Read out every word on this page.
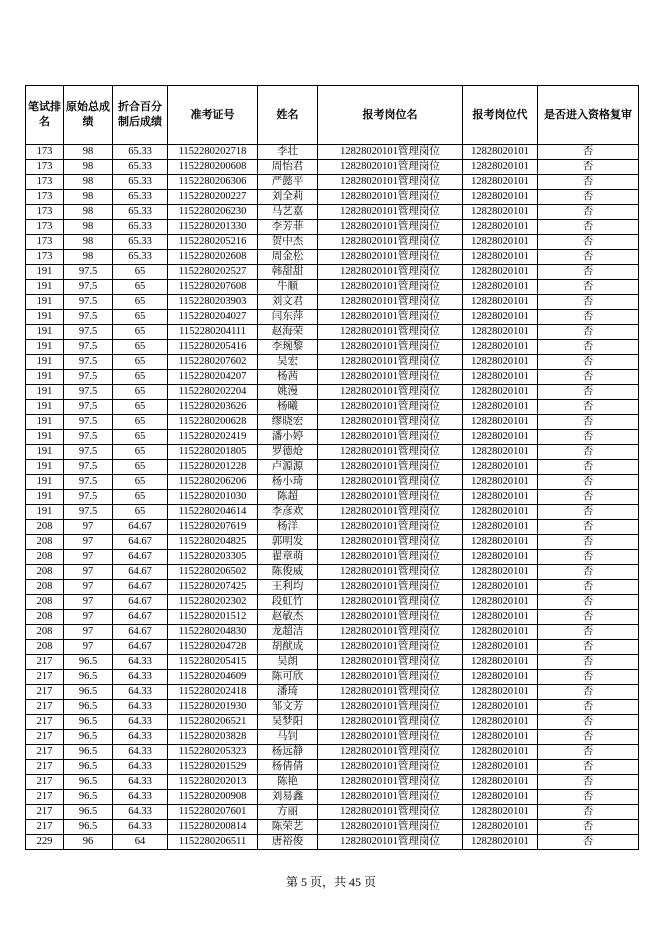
笔试排名	原始总成绩	折合百分制后成绩	准考证号	姓名	报考岗位名	报考岗位代	是否进入资格复审
173	98	65.33	1152280202718	李壮	12828020101管理岗位	12828020101	否
173	98	65.33	1152280200608	周怡君	12828020101管理岗位	12828020101	否
173	98	65.33	1152280206306	严懿平	12828020101管理岗位	12828020101	否
173	98	65.33	1152280200227	刘全莉	12828020101管理岗位	12828020101	否
173	98	65.33	1152280206230	马艺嘉	12828020101管理岗位	12828020101	否
173	98	65.33	1152280201330	李芳菲	12828020101管理岗位	12828020101	否
173	98	65.33	1152280205216	贺中杰	12828020101管理岗位	12828020101	否
173	98	65.33	1152280202608	周金松	12828020101管理岗位	12828020101	否
191	97.5	65	1152280202527	韩甜甜	12828020101管理岗位	12828020101	否
191	97.5	65	1152280207608	牛顺	12828020101管理岗位	12828020101	否
191	97.5	65	1152280203903	刘文君	12828020101管理岗位	12828020101	否
191	97.5	65	1152280204027	闫东萍	12828020101管理岗位	12828020101	否
191	97.5	65	1152280204111	赵海荣	12828020101管理岗位	12828020101	否
191	97.5	65	1152280205416	李琬黎	12828020101管理岗位	12828020101	否
191	97.5	65	1152280207602	吴宏	12828020101管理岗位	12828020101	否
191	97.5	65	1152280204207	杨茜	12828020101管理岗位	12828020101	否
191	97.5	65	1152280202204	姚漫	12828020101管理岗位	12828020101	否
191	97.5	65	1152280203626	杨曦	12828020101管理岗位	12828020101	否
191	97.5	65	1152280200628	缪晓宏	12828020101管理岗位	12828020101	否
191	97.5	65	1152280202419	潘小婷	12828020101管理岗位	12828020101	否
191	97.5	65	1152280201805	罗德炝	12828020101管理岗位	12828020101	否
191	97.5	65	1152280201228	卢源源	12828020101管理岗位	12828020101	否
191	97.5	65	1152280206206	杨小琦	12828020101管理岗位	12828020101	否
191	97.5	65	1152280201030	陈超	12828020101管理岗位	12828020101	否
191	97.5	65	1152280204614	李彦欢	12828020101管理岗位	12828020101	否
208	97	64.67	1152280207619	杨洋	12828020101管理岗位	12828020101	否
208	97	64.67	1152280204825	郭明发	12828020101管理岗位	12828020101	否
208	97	64.67	1152280203305	翟章萌	12828020101管理岗位	12828020101	否
208	97	64.67	1152280206502	陈俊威	12828020101管理岗位	12828020101	否
208	97	64.67	1152280207425	王利均	12828020101管理岗位	12828020101	否
208	97	64.67	1152280202302	段虹竹	12828020101管理岗位	12828020101	否
208	97	64.67	1152280201512	赵敏杰	12828020101管理岗位	12828020101	否
208	97	64.67	1152280204830	龙超洁	12828020101管理岗位	12828020101	否
208	97	64.67	1152280204728	胡猷成	12828020101管理岗位	12828020101	否
217	96.5	64.33	1152280205415	吴朗	12828020101管理岗位	12828020101	否
217	96.5	64.33	1152280204609	陈可欣	12828020101管理岗位	12828020101	否
217	96.5	64.33	1152280202418	潘琦	12828020101管理岗位	12828020101	否
217	96.5	64.33	1152280201930	邹文芳	12828020101管理岗位	12828020101	否
217	96.5	64.33	1152280206521	吴梦阳	12828020101管理岗位	12828020101	否
217	96.5	64.33	1152280203828	马钊	12828020101管理岗位	12828020101	否
217	96.5	64.33	1152280205323	杨远静	12828020101管理岗位	12828020101	否
217	96.5	64.33	1152280201529	杨倩倩	12828020101管理岗位	12828020101	否
217	96.5	64.33	1152280202013	陈艳	12828020101管理岗位	12828020101	否
217	96.5	64.33	1152280200908	刘易鑫	12828020101管理岗位	12828020101	否
217	96.5	64.33	1152280207601	方丽	12828020101管理岗位	12828020101	否
217	96.5	64.33	1152280200814	陈荣艺	12828020101管理岗位	12828020101	否
229	96	64	1152280206511	唐裕俊	12828020101管理岗位	12828020101	否
第 5 页，共 45 页
